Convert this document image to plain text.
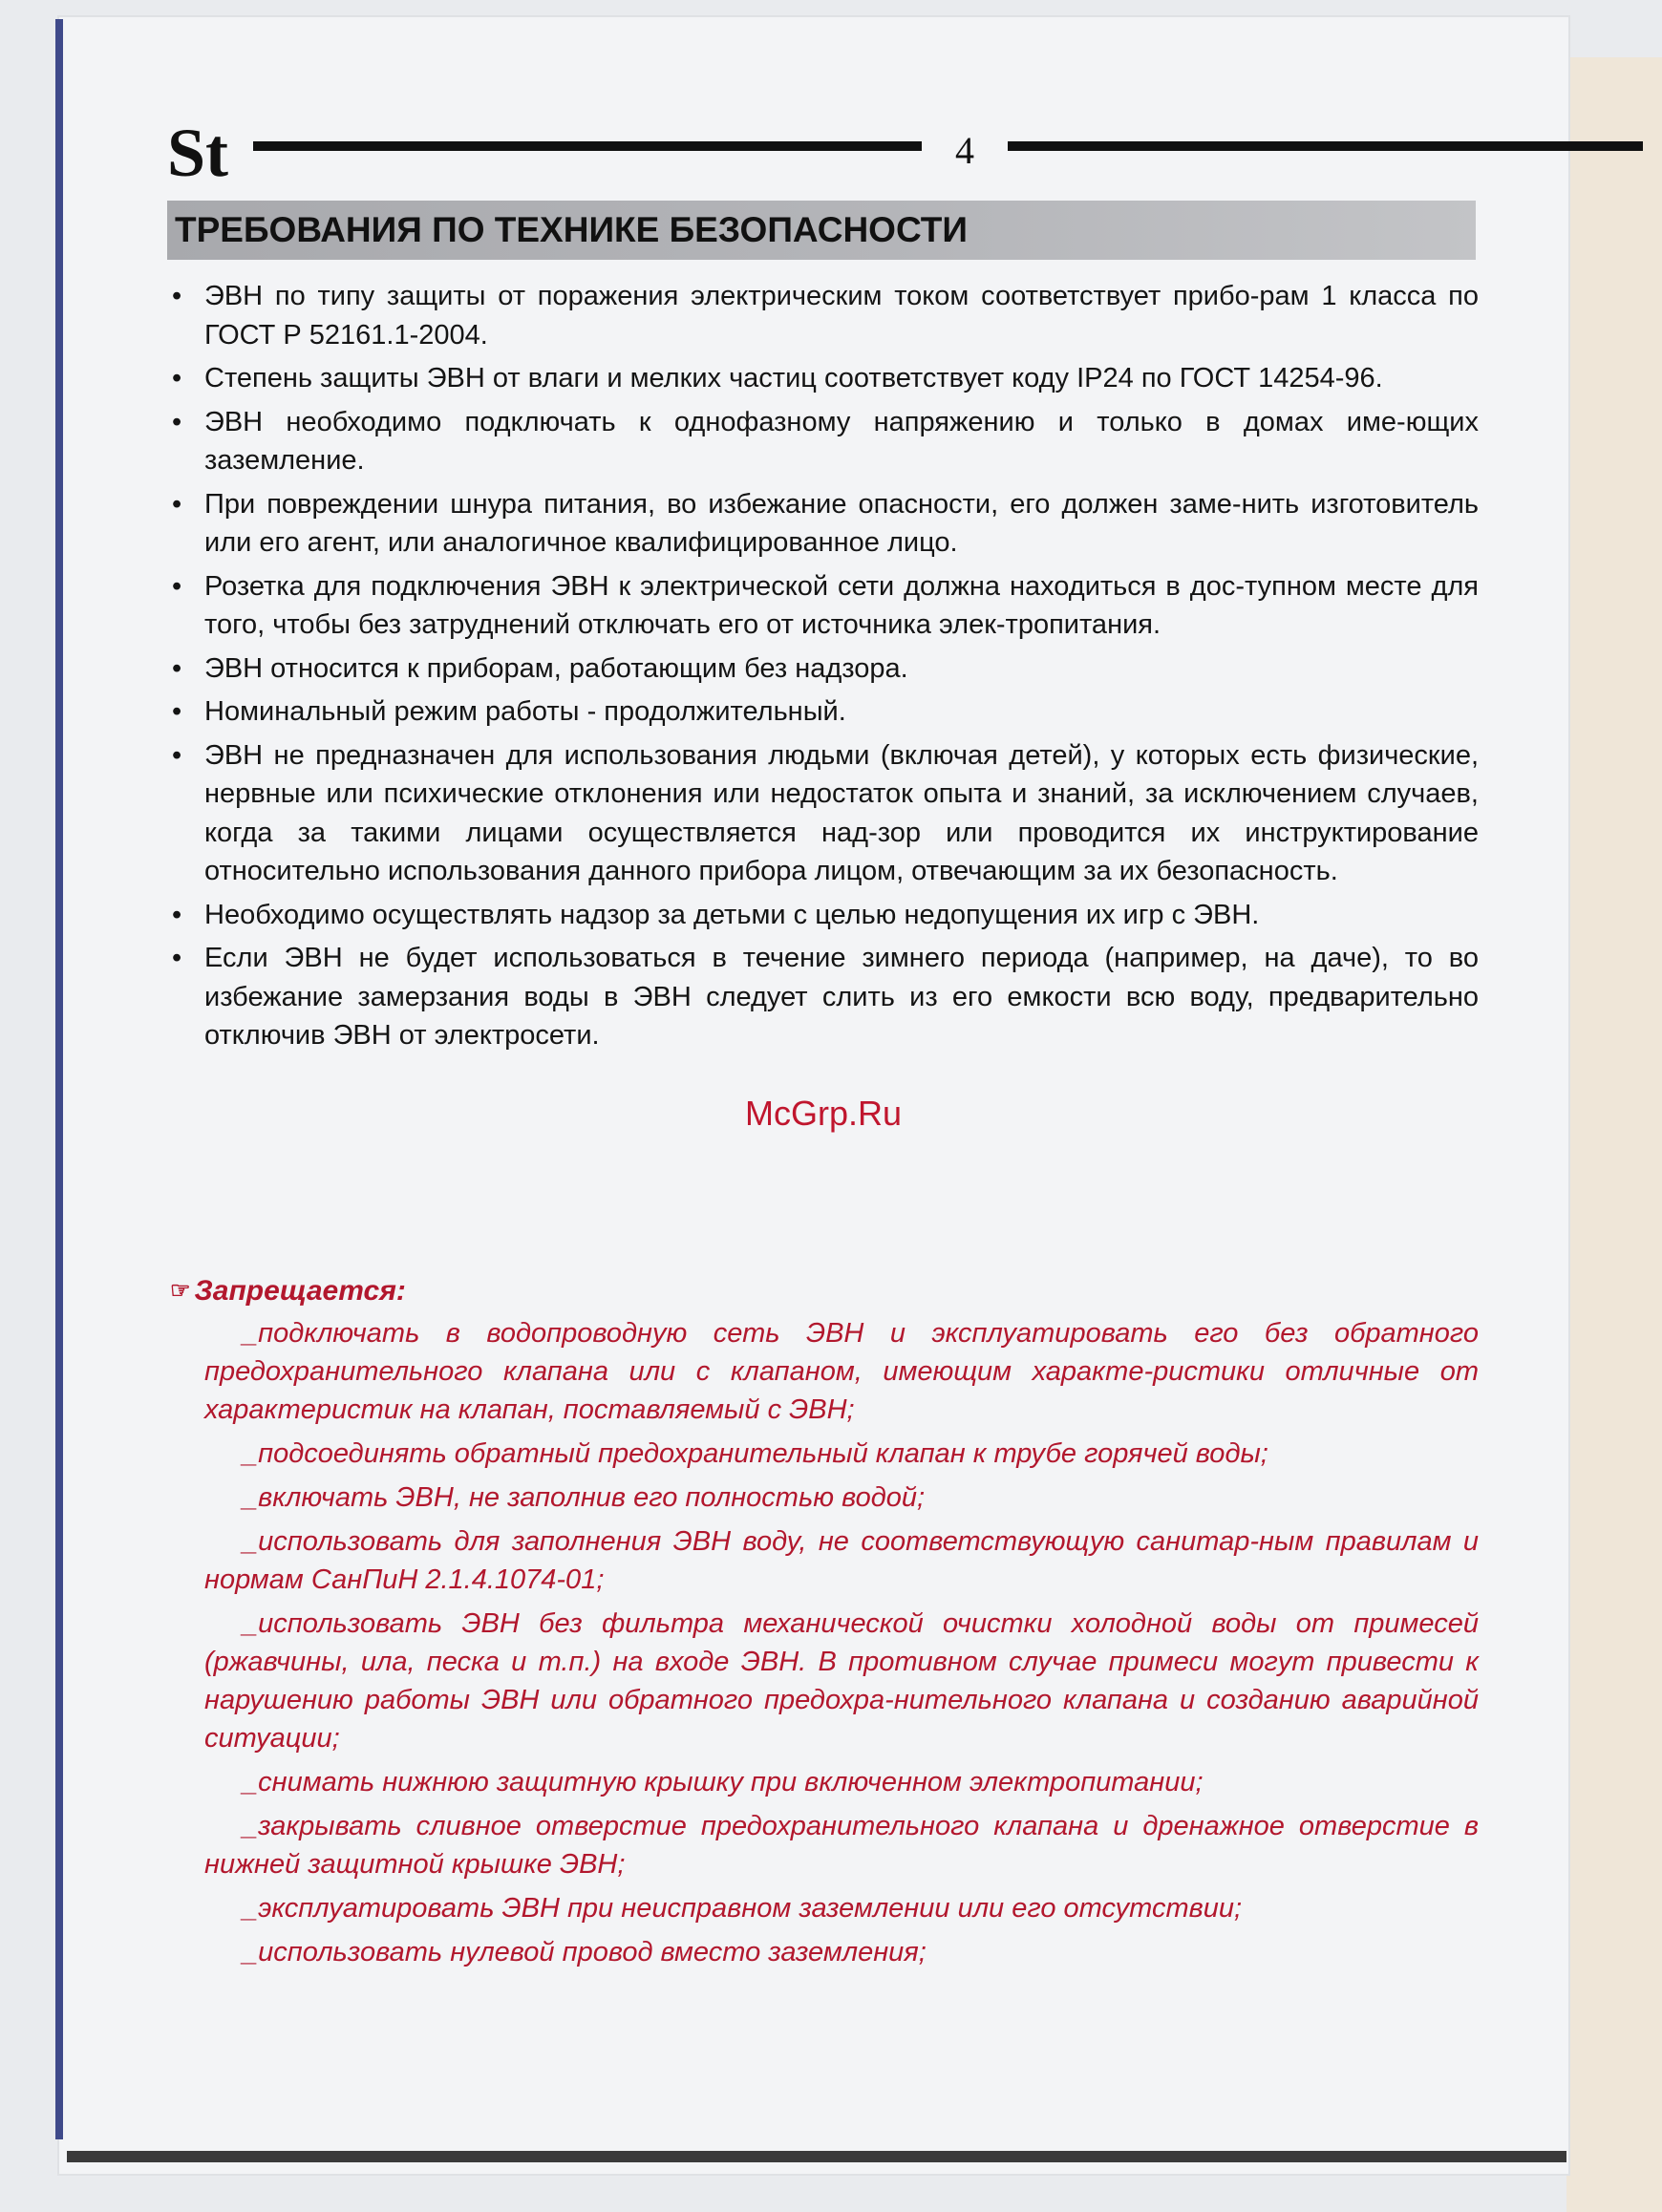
St	4
ТРЕБОВАНИЯ ПО ТЕХНИКЕ БЕЗОПАСНОСТИ
• ЭВН по типу защиты от поражения электрическим током соответствует прибо-рам 1 класса по ГОСТ Р 52161.1-2004.
• Степень защиты ЭВН от влаги и мелких частиц соответствует коду IP24 по ГОСТ 14254-96.
• ЭВН необходимо подключать к однофазному напряжению и только в домах име-ющих заземление.
• При повреждении шнура питания, во избежание опасности, его должен заме-нить изготовитель или его агент, или аналогичное квалифицированное лицо.
• Розетка для подключения ЭВН к электрической сети должна находиться в дос-тупном месте для того, чтобы без затруднений отключать его от источника элек-тропитания.
• ЭВН относится к приборам, работающим без надзора.
• Номинальный режим работы - продолжительный.
• ЭВН не предназначен для использования людьми (включая детей), у которых есть физические, нервные или психические отклонения или недостаток опыта и знаний, за исключением случаев, когда за такими лицами осуществляется над-зор или проводится их инструктирование относительно использования данного прибора лицом, отвечающим за их безопасность.
• Необходимо осуществлять надзор за детьми с целью недопущения их игр с ЭВН.
• Если ЭВН не будет использоваться в течение зимнего периода (например, на даче), то во избежание замерзания воды в ЭВН следует слить из его емкости всю воду, предварительно отключив ЭВН от электросети.
McGrp.Ru
☞ Запрещается:
_подключать в водопроводную сеть ЭВН и эксплуатировать его без обратного предохранительного клапана или с клапаном, имеющим характе-ристики отличные от характеристик на клапан, поставляемый с ЭВН;
_подсоединять обратный предохранительный клапан к трубе горячей воды;
_включать ЭВН, не заполнив его полностью водой;
_использовать для заполнения ЭВН воду, не соответствующую санитар-ным правилам и нормам СанПиН 2.1.4.1074-01;
_использовать ЭВН без фильтра механической очистки холодной воды от примесей (ржавчины, ила, песка и т.п.) на входе ЭВН. В противном случае примеси могут привести к нарушению работы ЭВН или обратного предохра-нительного клапана и созданию аварийной ситуации;
_снимать нижнюю защитную крышку при включенном электропитании;
_закрывать сливное отверстие предохранительного клапана и дренажное отверстие в нижней защитной крышке ЭВН;
_эксплуатировать ЭВН при неисправном заземлении или его отсутствии;
_использовать нулевой провод вместо заземления;
